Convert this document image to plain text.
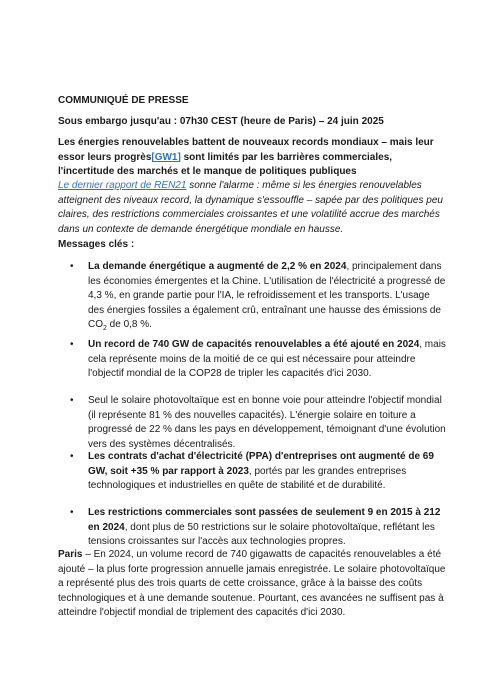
COMMUNIQUÉ DE PRESSE

Sous embargo jusqu'au : 07h30 CEST (heure de Paris) – 24 juin 2025

Les énergies renouvelables battent de nouveaux records mondiaux – mais leur essor leurs progrès[GW1] sont limités par les barrières commerciales, l'incertitude des marchés et le manque de politiques publiques

Le dernier rapport de REN21 sonne l'alarme : même si les énergies renouvelables atteignent des niveaux record, la dynamique s'essouffle – sapée par des politiques peu claires, des restrictions commerciales croissantes et une volatilité accrue des marchés dans un contexte de demande énergétique mondiale en hausse.

Messages clés :

• La demande énergétique a augmenté de 2,2 % en 2024, principalement dans les économies émergentes et la Chine. L'utilisation de l'électricité a progressé de 4,3 %, en grande partie pour l'IA, le refroidissement et les transports. L'usage des énergies fossiles a également crû, entraînant une hausse des émissions de $CO_2$ de 0,8 %.
• Un record de 740 GW de capacités renouvelables a été ajouté en 2024, mais cela représente moins de la moitié de ce qui est nécessaire pour atteindre l'objectif mondial de la COP28 de tripler les capacités d'ici 2030.
• Seul le solaire photovoltaïque est en bonne voie pour atteindre l'objectif mondial (il représente 81 % des nouvelles capacités). L'énergie solaire en toiture a progressé de 22 % dans les pays en développement, témoignant d'une évolution vers des systèmes décentralisés.
• Les contrats d'achat d'électricité (PPA) d'entreprises ont augmenté de 69 GW, soit +35 % par rapport à 2023, portés par les grandes entreprises technologiques et industrielles en quête de stabilité et de durabilité.
• Les restrictions commerciales sont passées de seulement 9 en 2015 à 212 en 2024, dont plus de 50 restrictions sur le solaire photovoltaïque, reflétant les tensions croissantes sur l'accès aux technologies propres.

Paris – En 2024, un volume record de 740 gigawatts de capacités renouvelables a été ajouté – la plus forte progression annuelle jamais enregistrée. Le solaire photovoltaïque a représenté plus des trois quarts de cette croissance, grâce à la baisse des coûts technologiques et à une demande soutenue. Pourtant, ces avancées ne suffisent pas à atteindre l'objectif mondial de triplement des capacités d'ici 2030.
